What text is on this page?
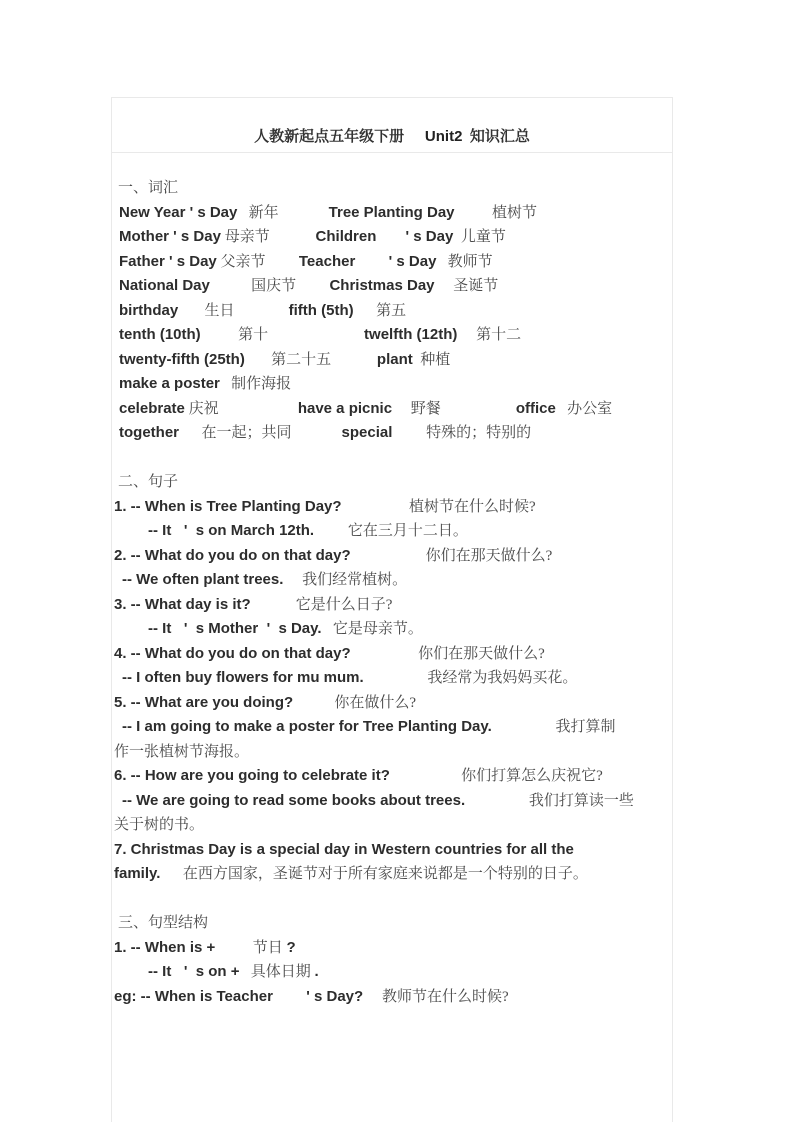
人教新起点五年级下册     Unit2  知识汇总
一、词汇
New Year ' s Day   新年            Tree Planting Day          植树节
Mother ' s Day 母亲节           Children       ' s Day  儿童节
Father ' s Day 父亲节        Teacher        ' s Day   教师节
National Day           国庆节        Christmas Day     圣诞节
birthday       生日             fifth (5th)      第五
tenth (10th)          第十                       twelfth (12th)     第十二
twenty-fifth (25th)       第二十五           plant  种植
make a poster   制作海报
celebrate 庆祝                   have a picnic     野餐                  office   办公室
together      在一起；共同            special         特殊的；特别的
二、句子
1. -- When is Tree Planting Day?                  植树节在什么时候?
-- It   '  s on March 12th.         它在三月十二日。
2. -- What do you do on that day?                    你们在那天做什么?
-- We often plant trees.     我们经常植树。
3. -- What day is it?            它是什么日子?
-- It   '  s Mother  '  s Day.   它是母亲节。
4. -- What do you do on that day?                  你们在那天做什么?
-- I often buy flowers for mu mum.                 我经常为我妈妈买花。
5. -- What are you doing?           你在做什么?
-- I am going to make a poster for Tree Planting Day.                 我打算制
作一张植树节海报。
6. -- How are you going to celebrate it?                   你们打算怎么庆祝它?
-- We are going to read some books about trees.                 我们打算读一些
关于树的书。
7. Christmas Day is a special day in Western countries for all the
family.      在西方国家，圣诞节对于所有家庭来说都是一个特别的日子。
三、句型结构
1. -- When is +          节日 ?
-- It   '  s on +   具体日期 .
eg: -- When is Teacher        ' s Day?     教师节在什么时候?
